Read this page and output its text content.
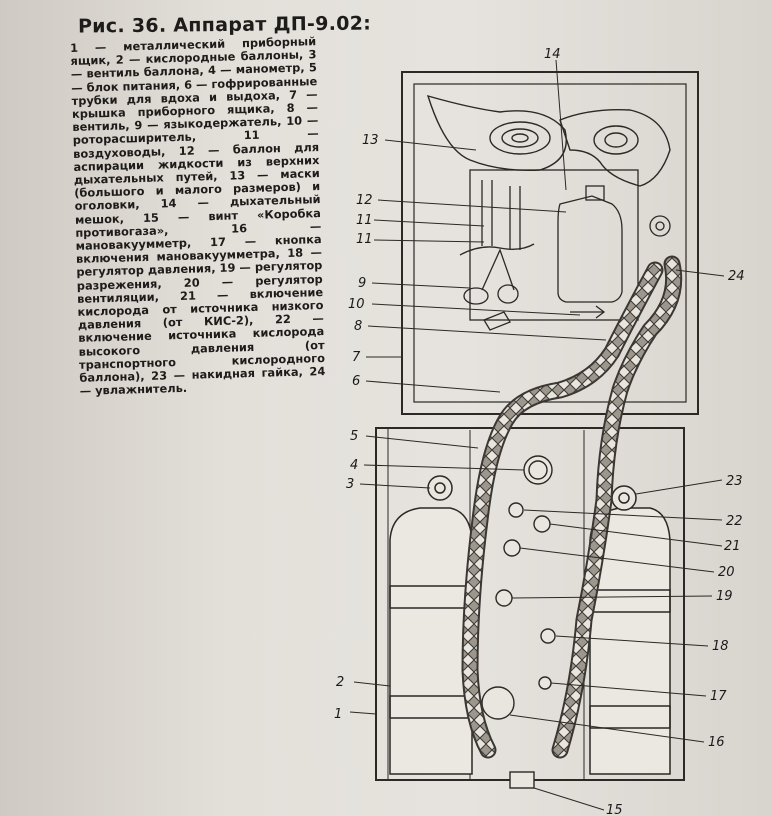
Рис. 36. Аппарат ДП-9.02:
1 — металлический приборный ящик, 2 — кислородные баллоны, 3 — вентиль баллона, 4 — манометр, 5 — блок питания, 6 — гофрированные трубки для вдоха и выдоха, 7 — крышка приборного ящика, 8 — вентиль, 9 — языкодержатель, 10 — роторасширитель, 11 — воздуховоды, 12 — баллон для аспирации жидкости из верхних дыхательных путей, 13 — маски (большого и малого размеров) и оголовки, 14 — дыхательный мешок, 15 — винт «Коробка противогаза», 16 — мановакуумметр, 17 — кнопка включения мановакуумметра, 18 — регулятор давления, 19 — регулятор разрежения, 20 — регулятор вентиляции, 21 — включение кислорода от источника низкого давления (от КИС-2), 22 — включение источника кислорода высокого давления (от транспортного кислородного баллона), 23 — накидная гайка, 24 — увлажнитель.
13
14
12
11
11
9
10
8
7
6
5
4
3
24
23
22
21
20
19
18
17
16
2
1
15
